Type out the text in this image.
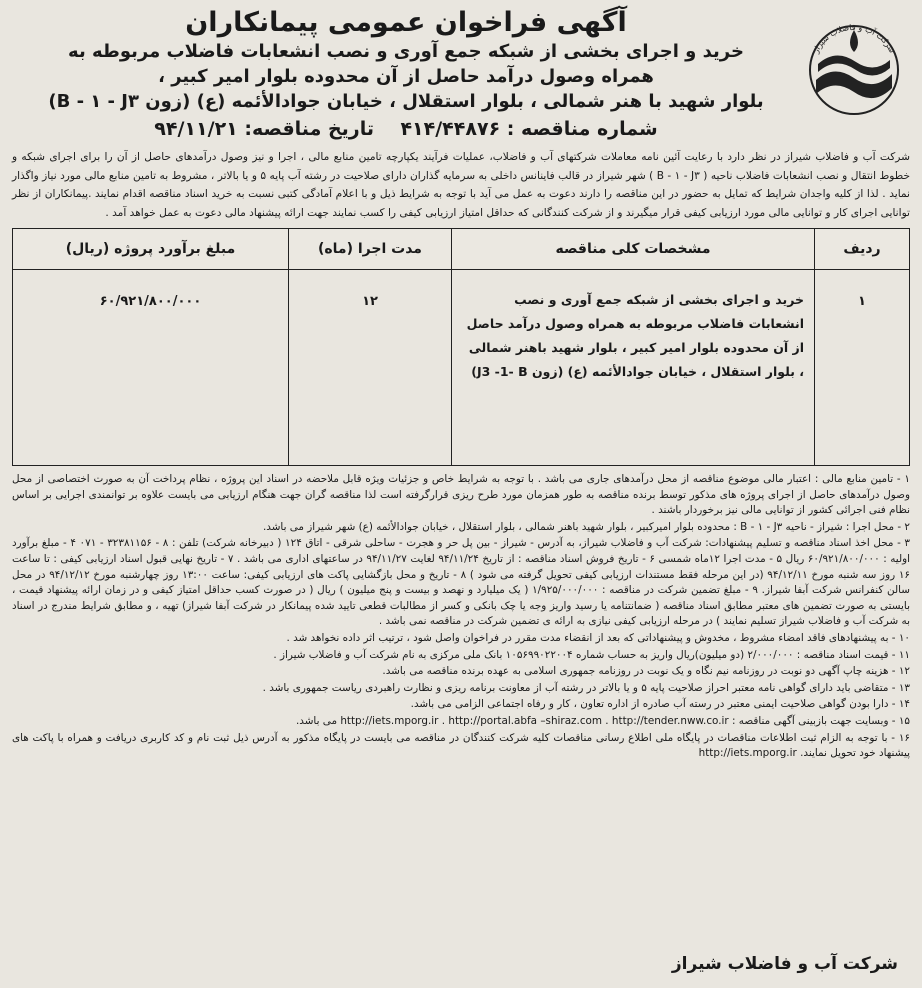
شرکت آب و فاضلاب شیراز
آگهی فراخوان عمومی پیمانکاران
خرید و اجرای بخشی از شبکه جمع آوری و نصب انشعابات فاضلاب مربوطه به
همراه وصول درآمد حاصل از آن محدوده بلوار امیر کبیر ،
بلوار شهید با هنر شمالی ، بلوار استقلال ، خیابان جوادالأئمه (ع) (زون B - ۱ - J۳)
شماره مناقصه : ۴۱۴/۴۴۸۷۶    تاریخ مناقصه: ۹۴/۱۱/۲۱
شرکت آب و فاضلاب شیراز در نظر دارد با رعایت آئین نامه معاملات شرکتهای آب و فاضلاب، عملیات فرآیند یکپارچه تامین منابع مالی ، اجرا و نیز وصول درآمدهای حاصل از آن را برای اجرای شبکه و خطوط انتقال و نصب انشعابات فاضلاب ناحیه ( B - ۱ - J۳ ) شهر شیراز در قالب فاینانس داخلی به سرمایه گذاران دارای صلاحیت در رشته آب پایه ۵ و یا بالاتر ، مشروط به تامین منابع مالی مورد نیاز واگذار نماید . لذا از کلیه واجدان شرایط که تمایل به حضور در این مناقصه را دارند دعوت به عمل می آید با توجه به شرایط ذیل و با اعلام آمادگی کتبی نسبت به خرید اسناد مناقصه اقدام نمایند .پیمانکاران از نظر توانایی اجرای کار و توانایی مالی مورد ارزیابی کیفی قرار میگیرند و از شرکت کنندگانی که حداقل امتیاز ارزیابی کیفی را کسب نمایند جهت ارائه پیشنهاد مالی دعوت به عمل خواهد آمد .
ردیف	مشخصات کلی مناقصه	مدت اجرا (ماه)	مبلغ برآورد پروژه (ریال)
۱	خرید و اجرای بخشی از شبکه جمع آوری و نصب انشعابات فاضلاب مربوطه به همراه وصول درآمد حاصل از آن محدوده بلوار امیر کبیر ، بلوار شهید باهنر شمالی ، بلوار استقلال ، خیابان جوادالأئمه (ع) (زون J3 -1- B)	۱۲	۶۰/۹۲۱/۸۰۰/۰۰۰

۱ - تامین منابع مالی : اعتبار مالی موضوع مناقصه از محل درآمدهای جاری می باشد . با توجه به شرایط خاص و جزئیات ویژه قابل ملاحضه در اسناد این پروژه ، نظام پرداخت آن به صورت اختصاصی از محل وصول درآمدهای حاصل از اجرای پروژه های مذکور توسط برنده مناقصه به طور همزمان مورد طرح ریزی قرارگرفته است لذا مناقصه گران جهت هنگام ارزیابی می بایست علاوه بر توانمندی اجرایی بر اساس نظام فنی اجرائی کشور از توانایی مالی نیز برخوردار باشند .

۲ - محل اجرا : شیراز - ناحیه B - ۱ - J۳ : محدوده بلوار امیرکبیر ، بلوار شهید باهنر شمالی ، بلوار استقلال ، خیابان جوادالأئمه (ع) شهر شیراز می باشد.

۳ - محل اخذ اسناد مناقصه و تسلیم پیشنهادات: شرکت آب و فاضلاب شیراز، به آدرس - شیراز - بین پل حر و هجرت - ساحلی شرقی - اتاق ۱۲۴ ( دبیرخانه شرکت) تلفن : ۸ - ۳۲۳۸۱۱۵۶ - ۰۷۱ ۴ - مبلغ برآورد اولیه : ۶۰/۹۲۱/۸۰۰/۰۰۰ ریال ۵ - مدت اجرا ۱۲ماه شمسی ۶ - تاریخ فروش اسناد مناقصه : از تاریخ ۹۴/۱۱/۲۴ لغایت ۹۴/۱۱/۲۷ در ساعتهای اداری می باشد . ۷ - تاریخ نهایی قبول اسناد ارزیابی کیفی : تا ساعت ۱۶ روز سه شنبه مورخ ۹۴/۱۲/۱۱ (در این مرحله فقط مستندات ارزیابی کیفی تحویل گرفته می شود ) ۸ - تاریخ و محل بازگشایی پاکت های ارزیابی کیفی: ساعت ۱۳:۰۰ روز چهارشنبه مورخ ۹۴/۱۲/۱۲ در محل سالن کنفرانس شرکت آبفا شیراز. ۹ - مبلغ تضمین شرکت در مناقصه : ۱/۹۲۵/۰۰۰/۰۰۰ ( یک میلیارد و نهصد و بیست و پنج میلیون ) ریال ( در صورت کسب حداقل امتیاز کیفی و در زمان ارائه پیشنهاد قیمت ، بایستی به صورت تضمین های معتبر مطابق اسناد مناقصه ( ضمانتنامه یا رسید واریز وجه یا چک بانکی و کسر از مطالبات قطعی تایید شده پیمانکار در شرکت آبفا شیراز) تهیه ، و مطابق شرایط مندرج در اسناد به شرکت آب و فاضلاب شیراز تسلیم نمایند ) در مرحله ارزیابی کیفی نیازی به ارائه ی تضمین شرکت در مناقصه نمی باشد .

۱۰ - به پیشنهادهای فاقد امضاء مشروط ، مخدوش و پیشنهاداتی که بعد از انقضاء مدت مقرر در فراخوان واصل شود ، ترتیب اثر داده نخواهد شد .

۱۱ - قیمت اسناد مناقصه : ۲/۰۰۰/۰۰۰ (دو میلیون)ریال واریز به حساب شماره ۱۰۵۶۹۹۰۲۲۰۰۴ بانک ملی مرکزی به نام شرکت آب و فاضلاب شیراز .

۱۲ - هزینه چاپ آگهی دو نوبت در روزنامه نیم نگاه و یک نوبت در روزنامه جمهوری اسلامی به عهده برنده مناقصه می باشد.

۱۳ - متقاضی باید دارای گواهی نامه معتبر احراز صلاحیت پایه ۵ و یا بالاتر در رشته آب از معاونت برنامه ریزی و نظارت راهبردی ریاست جمهوری باشد .

۱۴ - دارا بودن گواهی صلاحیت ایمنی معتبر در رسته آب صادره از اداره تعاون ، کار و رفاه اجتماعی الزامی می باشد.

۱۵ - وبسایت جهت بازبینی آگهی مناقصه : http://iets.mporg.ir . http://portal.abfa –shiraz.com . http://tender.nww.co.ir می باشد.

۱۶ - با توجه به الزام ثبت اطلاعات مناقصات در پایگاه ملی اطلاع رسانی مناقصات کلیه شرکت کنندگان در مناقصه می بایست در پایگاه مذکور به آدرس ذیل ثبت نام و کد کاربری دریافت و همراه با پاکت های پیشنهاد خود تحویل نمایند. http://iets.mporg.ir

شرکت آب و فاضلاب شیراز
